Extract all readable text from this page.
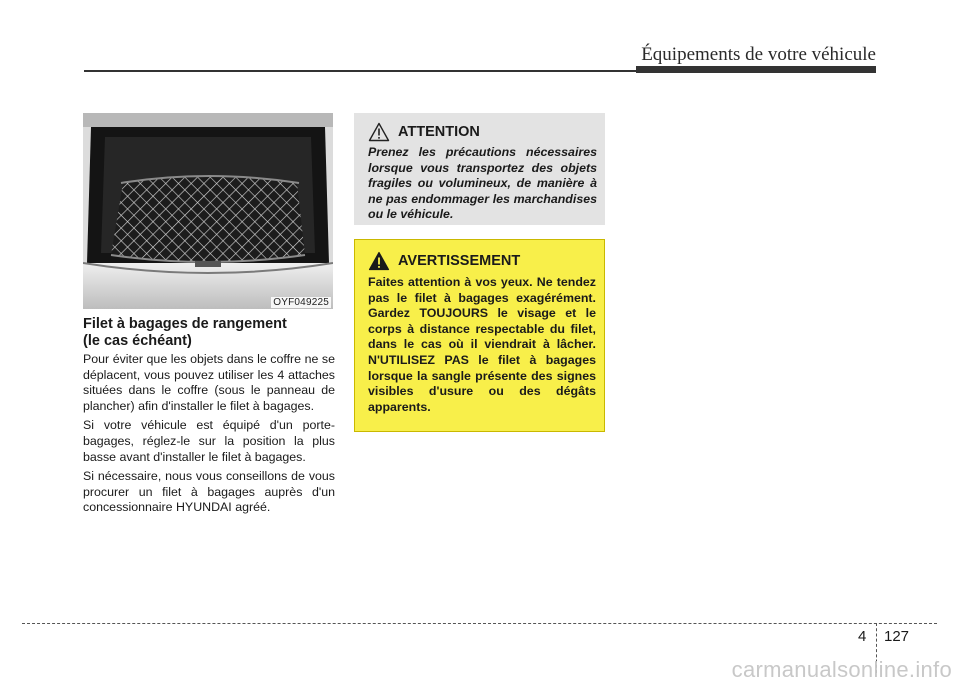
Équipements de votre véhicule
OYF049225
Filet à bagages de rangement
(le cas échéant)

Pour éviter que les objets dans le coffre ne se déplacent, vous pouvez utiliser les 4 attaches situées dans le coffre (sous le panneau de plancher) afin d'installer le filet à bagages.

Si votre véhicule est équipé d'un porte-bagages, réglez-le sur la position la plus basse avant d'installer le filet à bagages.

Si nécessaire, nous vous conseillons de vous procurer un filet à bagages auprès d'un concessionnaire HYUNDAI agréé.

ATTENTION
Prenez les précautions nécessaires lorsque vous transportez des objets fragiles ou volumineux, de manière à ne pas endommager les marchandises ou le véhicule.
AVERTISSEMENT
Faites attention à vos yeux. Ne tendez pas le filet à bagages exagérément. Gardez TOUJOURS le visage et le corps à distance respectable du filet, dans le cas où il viendrait à lâcher. N'UTILISEZ PAS le filet à bagages lorsque la sangle présente des signes visibles d'usure ou des dégâts apparents.
4 127
carmanualsonline.info
